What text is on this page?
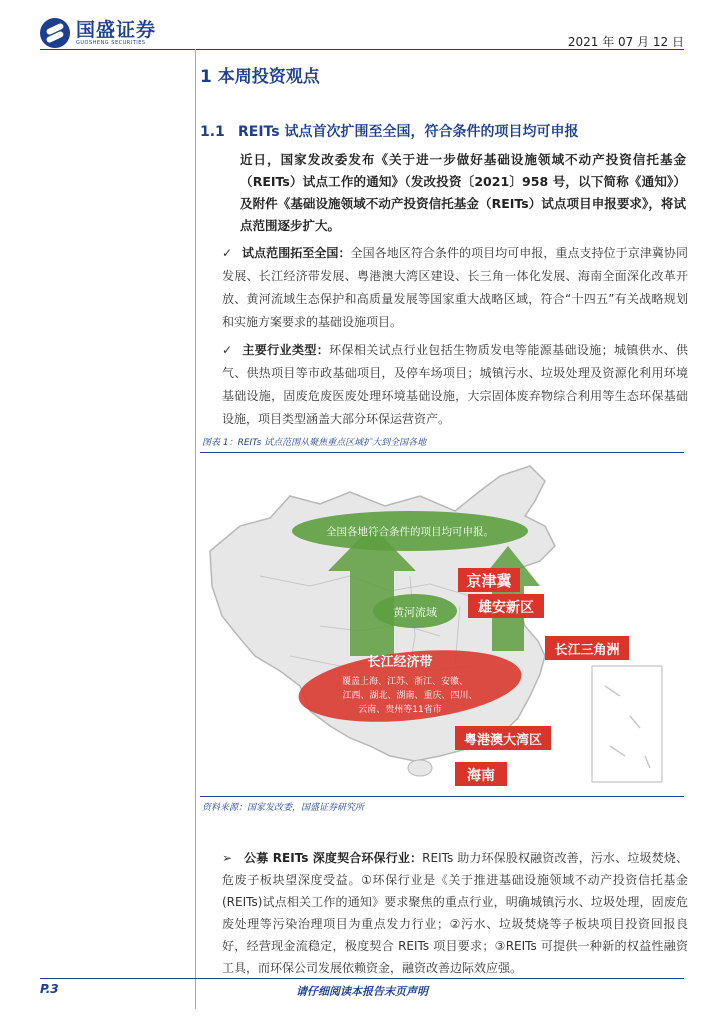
国盛证券
GUOSHENG SECURITIES	2021 年 07 月 12 日
1 本周投资观点
1.1 REITs 试点首次扩围至全国，符合条件的项目均可申报
近日，国家发改委发布《关于进一步做好基础设施领域不动产投资信托基金（REITs）试点工作的通知》（发改投资〔2021〕958 号，以下简称《通知》）及附件《基础设施领域不动产投资信托基金（REITs）试点项目申报要求》，将试点范围逐步扩大。
✓ 试点范围拓至全国：全国各地区符合条件的项目均可申报，重点支持位于京津冀协同发展、长江经济带发展、粤港澳大湾区建设、长三角一体化发展、海南全面深化改革开放、黄河流域生态保护和高质量发展等国家重大战略区域，符合“十四五”有关战略规划和实施方案要求的基础设施项目。
✓ 主要行业类型：环保相关试点行业包括生物质发电等能源基础设施；城镇供水、供气、供热项目等市政基础项目，及停车场项目；城镇污水、垃圾处理及资源化利用环境基础设施，固废危废医废处理环境基础设施，大宗固体废弃物综合利用等生态环保基础设施，项目类型涵盖大部分环保运营资产。
图表 1：REITs 试点范围从聚焦重点区域扩大到全国各地
全国各地符合条件的项目均可申报。
黄河流域
长江经济带
覆盖上海、江苏、浙江、安徽、
江西、湖北、湖南、重庆、四川、
云南、贵州等11省市
京津冀
雄安新区
长江三角洲
粤港澳大湾区
海南
资料来源：国家发改委，国盛证券研究所
➢ 公募 REITs 深度契合环保行业：REITs 助力环保股权融资改善，污水、垃圾焚烧、危废子板块望深度受益。①环保行业是《关于推进基础设施领域不动产投资信托基金(REITs)试点相关工作的通知》要求聚焦的重点行业，明确城镇污水、垃圾处理，固废危废处理等污染治理项目为重点发力行业；②污水、垃圾焚烧等子板块项目投资回报良好，经营现金流稳定，极度契合 REITs 项目要求；③REITs 可提供一种新的权益性融资工具，而环保公司发展依赖资金，融资改善边际效应强。
P.3	请仔细阅读本报告末页声明
